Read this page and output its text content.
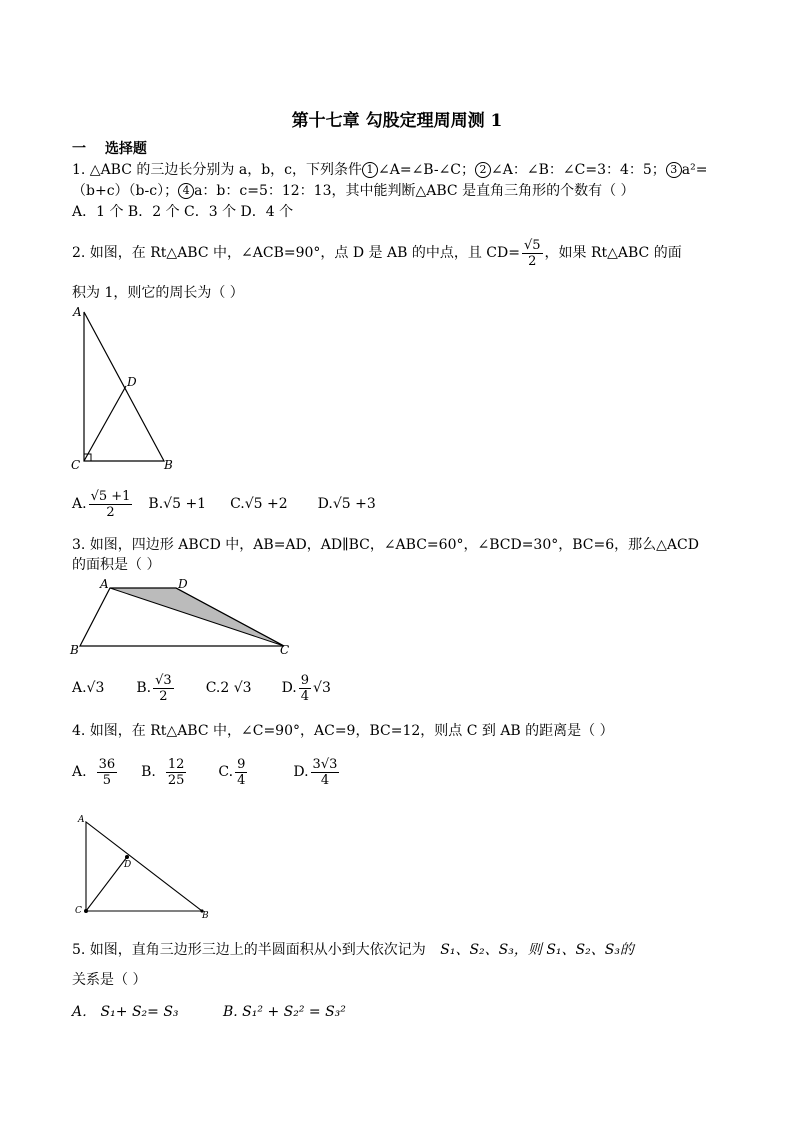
第十七章 勾股定理周周测 1
一 选择题
1. △ABC 的三边长分别为 a，b，c，下列条件 1 ∠A=∠B-∠C； 2 ∠A：∠B：∠C=3：4：5； 3 a²=
（b+c）（b-c）； 4 a：b：c=5：12：13，其中能判断△ABC 是直角三角形的个数有（ ）
A．1 个 B．2 个 C．3 个 D．4 个
2. 如图，在 Rt△ABC 中，∠ACB=90°，点 D 是 AB 的中点，且 $CD= \frac{√5}{2}$ ，如果 Rt△ABC 的面
积为 1，则它的周长为（ ）
A
D
C	B
A. $\frac{√5 +1}{2} B.√5 +1$ C.√5 +2 D.√5 +3
3. 如图，四边形 ABCD 中，AB=AD，AD∥BC，∠ABC=60°，∠BCD=30°，BC=6，那么△ACD
的面积是（ ）
A	D
B	C
A.√3 B. $\frac{√3}{2} C.2$ √3 D. $\frac{9}{4} √3$
4. 如图，在 Rt△ABC 中，∠C=90°，AC=9，BC=12，则点 C 到 AB 的距离是（ ）
A. $\frac{36}{5} B$. $\frac{12}{25} C$. $\frac{9}{4}$	D. $\frac{3√3}{4}$
A
D
C	B
5. 如图，直角三边形三边上的半圆面积从小到大依次记为 S₁、S₂、S₃，则 S₁、S₂、S₃的
关系是（ ）
A． S₁+ S₂= S₃	B. S₁² + S₂² = S₃²
